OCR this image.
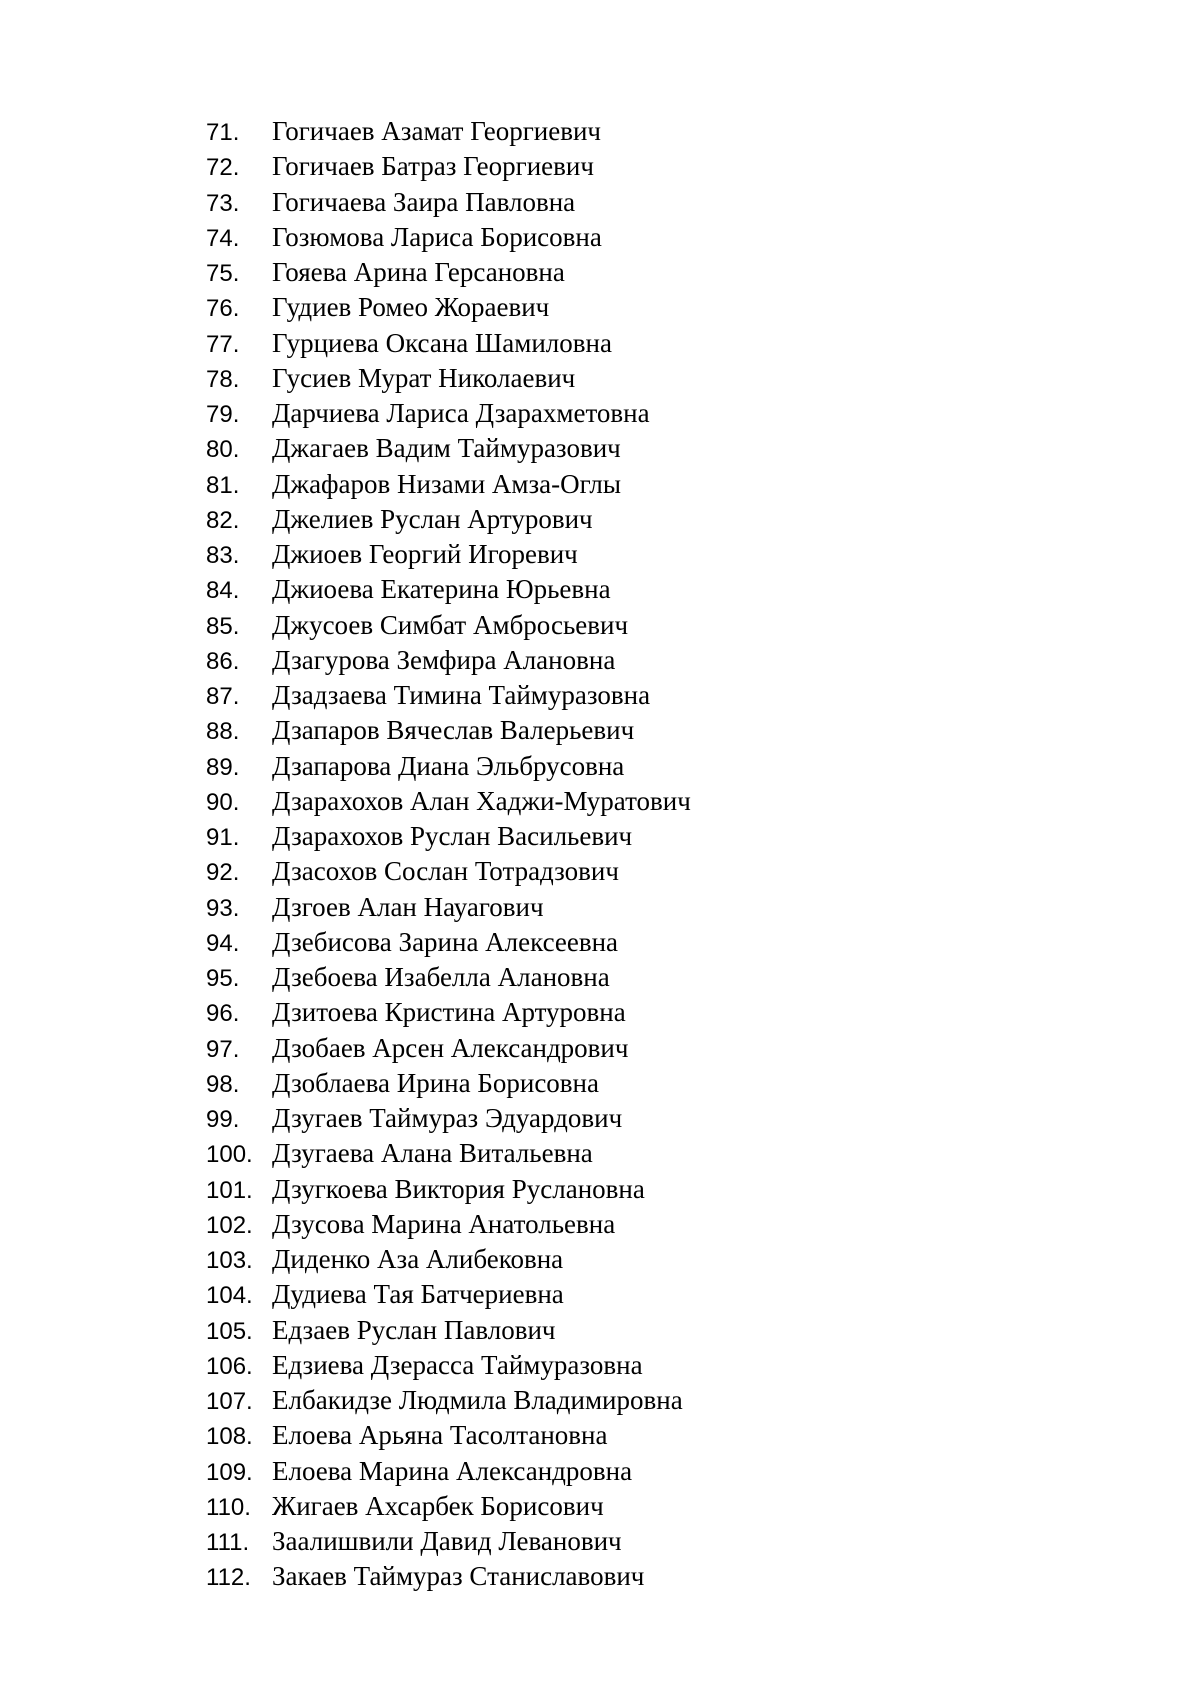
71.	Гогичаев Азамат Георгиевич
72.	Гогичаев Батраз Георгиевич
73.	Гогичаева Заира Павловна
74.	Гозюмова Лариса Борисовна
75.	Гояева Арина Герсановна
76.	Гудиев Ромео Жораевич
77.	Гурциева Оксана Шамиловна
78.	Гусиев Мурат Николаевич
79.	Дарчиева Лариса Дзарахметовна
80.	Джагаев Вадим Таймуразович
81.	Джафаров Низами Амза-Оглы
82.	Джелиев Руслан Артурович
83.	Джиоев Георгий Игоревич
84.	Джиоева Екатерина Юрьевна
85.	Джусоев Симбат Амбросьевич
86.	Дзагурова Земфира Алановна
87.	Дзадзаева Тимина Таймуразовна
88.	Дзапаров Вячеслав Валерьевич
89.	Дзапарова Диана Эльбрусовна
90.	Дзарахохов Алан Хаджи-Муратович
91.	Дзарахохов Руслан Васильевич
92.	Дзасохов Сослан Тотрадзович
93.	Дзгоев Алан Науагович
94.	Дзебисова Зарина Алексеевна
95.	Дзебоева Изабелла Алановна
96.	Дзитоева Кристина Артуровна
97.	Дзобаев Арсен Александрович
98.	Дзоблаева Ирина Борисовна
99.	Дзугаев Таймураз Эдуардович
100. Дзугаева Алана Витальевна
101. Дзугкоева Виктория Руслановна
102. Дзусова Марина Анатольевна
103. Диденко Аза Алибековна
104. Дудиева Тая Батчериевна
105. Едзаев Руслан Павлович
106. Едзиева Дзерасса Таймуразовна
107. Елбакидзе Людмила Владимировна
108. Елоева Арьяна Тасолтановна
109. Елоева Марина Александровна
110. Жигаев Ахсарбек Борисович
111. Заалишвили Давид Леванович
112. Закаев Таймураз Станиславович
